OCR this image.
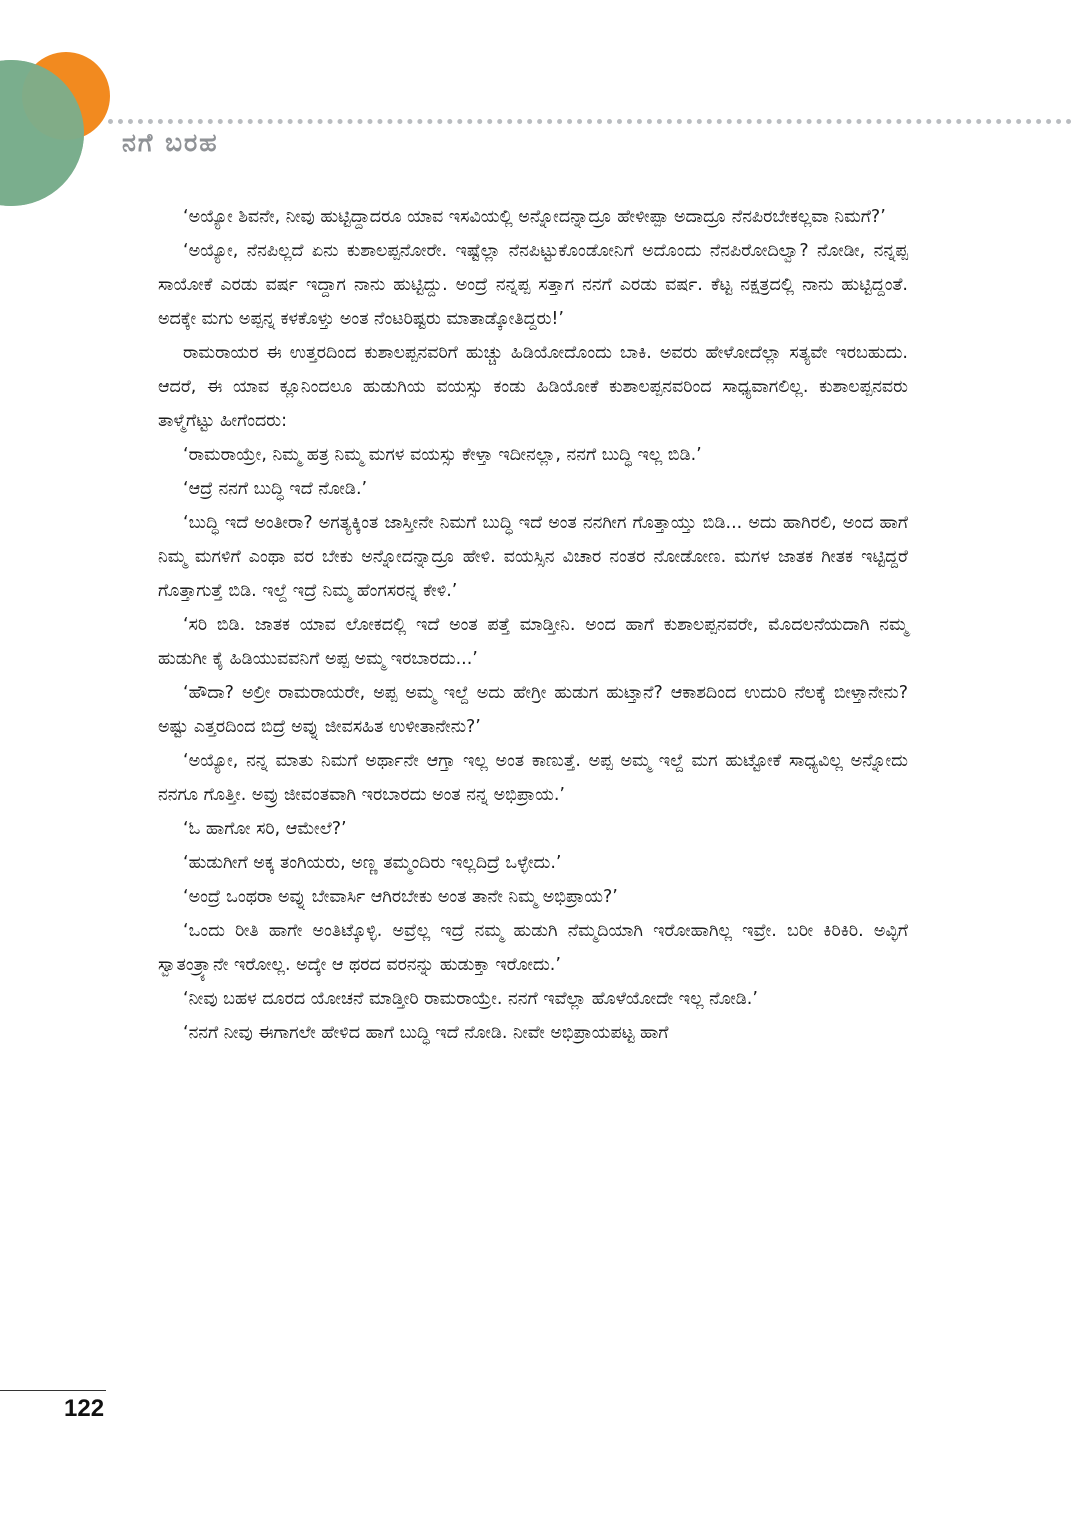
ನಗೆ ಬರಹ

‘ಅಯ್ಯೋ ಶಿವನೇ, ನೀವು ಹುಟ್ಟಿದ್ದಾದರೂ ಯಾವ ಇಸವಿಯಲ್ಲಿ ಅನ್ನೋದನ್ನಾದ್ರೂ ಹೇಳೀಪ್ಪಾ ಅದಾದ್ರೂ ನೆನಪಿರಬೇಕಲ್ಲವಾ ನಿಮಗೆ?’

‘ಅಯ್ಯೋ, ನೆನಪಿಲ್ಲದೆ ಏನು ಕುಶಾಲಪ್ಪನೋರೇ. ಇಷ್ಟೆಲ್ಲಾ ನೆನಪಿಟ್ಟುಕೊಂಡೋನಿಗೆ ಅದೊಂದು ನೆನಪಿರೋದಿಲ್ವಾ? ನೋಡೀ, ನನ್ನಪ್ಪ ಸಾಯೋಕೆ ಎರಡು ವರ್ಷ ಇದ್ದಾಗ ನಾನು ಹುಟ್ಟಿದ್ದು. ಅಂದ್ರೆ ನನ್ನಪ್ಪ ಸತ್ತಾಗ ನನಗೆ ಎರಡು ವರ್ಷ. ಕೆಟ್ಟ ನಕ್ಷತ್ರದಲ್ಲಿ ನಾನು ಹುಟ್ಟಿದ್ದಂತೆ. ಅದಕ್ಕೇ ಮಗು ಅಪ್ಪನ್ನ ಕಳಕೊಳ್ತು ಅಂತ ನೆಂಟರಿಷ್ಟರು ಮಾತಾಡ್ಕೋತಿದ್ದರು!’

ರಾಮರಾಯರ ಈ ಉತ್ತರದಿಂದ ಕುಶಾಲಪ್ಪನವರಿಗೆ ಹುಚ್ಚು ಹಿಡಿಯೋದೊಂದು ಬಾಕಿ. ಅವರು ಹೇಳೋದೆಲ್ಲಾ ಸತ್ಯವೇ ಇರಬಹುದು. ಆದರೆ, ಈ ಯಾವ ಕ್ಲೂನಿಂದಲೂ ಹುಡುಗಿಯ ವಯಸ್ಸು ಕಂಡು ಹಿಡಿಯೋಕೆ ಕುಶಾಲಪ್ಪನವರಿಂದ ಸಾಧ್ಯವಾಗಲಿಲ್ಲ. ಕುಶಾಲಪ್ಪನವರು ತಾಳ್ಮೆಗೆಟ್ಟು ಹೀಗೆಂದರು:

‘ರಾಮರಾಯ್ರೇ, ನಿಮ್ಮ ಹತ್ರ ನಿಮ್ಮ ಮಗಳ ವಯಸ್ಸು ಕೇಳ್ತಾ ಇದೀನಲ್ಲಾ, ನನಗೆ ಬುದ್ಧಿ ಇಲ್ಲ ಬಿಡಿ.’

‘ಆದ್ರೆ ನನಗೆ ಬುದ್ಧಿ ಇದೆ ನೋಡಿ.’

‘ಬುದ್ಧಿ ಇದೆ ಅಂತೀರಾ? ಅಗತ್ಯಕ್ಕಿಂತ ಜಾಸ್ತೀನೇ ನಿಮಗೆ ಬುದ್ಧಿ ಇದೆ ಅಂತ ನನಗೀಗ ಗೊತ್ತಾಯ್ತು ಬಿಡಿ... ಅದು ಹಾಗಿರಲಿ, ಅಂದ ಹಾಗೆ ನಿಮ್ಮ ಮಗಳಿಗೆ ಎಂಥಾ ವರ ಬೇಕು ಅನ್ನೋದನ್ನಾದ್ರೂ ಹೇಳಿ. ವಯಸ್ಸಿನ ವಿಚಾರ ನಂತರ ನೋಡೋಣ. ಮಗಳ ಜಾತಕ ಗೀತಕ ಇಟ್ಟಿದ್ದರೆ ಗೊತ್ತಾಗುತ್ತೆ ಬಿಡಿ. ಇಲ್ದೆ ಇದ್ರೆ ನಿಮ್ಮ ಹೆಂಗಸರನ್ನ ಕೇಳಿ.’

‘ಸರಿ ಬಿಡಿ. ಜಾತಕ ಯಾವ ಲೋಕದಲ್ಲಿ ಇದೆ ಅಂತ ಪತ್ತೆ ಮಾಡ್ತೀನಿ. ಅಂದ ಹಾಗೆ ಕುಶಾಲಪ್ಪನವರೇ, ಮೊದಲನೆಯದಾಗಿ ನಮ್ಮ ಹುಡುಗೀ ಕೈ ಹಿಡಿಯುವವನಿಗೆ ಅಪ್ಪ ಅಮ್ಮ ಇರಬಾರದು...’

‘ಹೌದಾ? ಅಲ್ರೀ ರಾಮರಾಯರೇ, ಅಪ್ಪ ಅಮ್ಮ ಇಲ್ದೆ ಅದು ಹೇಗ್ರೀ ಹುಡುಗ ಹುಟ್ತಾನೆ? ಆಕಾಶದಿಂದ ಉದುರಿ ನೆಲಕ್ಕೆ ಬೀಳ್ತಾನೇನು? ಅಷ್ಟು ಎತ್ತರದಿಂದ ಬಿದ್ರೆ ಅವ್ನು ಜೀವಸಹಿತ ಉಳೀತಾನೇನು?’

‘ಅಯ್ಯೋ, ನನ್ನ ಮಾತು ನಿಮಗೆ ಅರ್ಥಾನೇ ಆಗ್ತಾ ಇಲ್ಲ ಅಂತ ಕಾಣುತ್ತೆ. ಅಪ್ಪ ಅಮ್ಮ ಇಲ್ದೆ ಮಗ ಹುಟ್ಟೋಕೆ ಸಾಧ್ಯವಿಲ್ಲ ಅನ್ನೋದು ನನಗೂ ಗೊತ್ತೀ. ಅವ್ರು ಜೀವಂತವಾಗಿ ಇರಬಾರದು ಅಂತ ನನ್ನ ಅಭಿಪ್ರಾಯ.’

‘ಓ ಹಾಗೋ ಸರಿ, ಆಮೇಲೆ?’

‘ಹುಡುಗೀಗೆ ಅಕ್ಕ ತಂಗಿಯರು, ಅಣ್ಣ ತಮ್ಮಂದಿರು ಇಲ್ಲದಿದ್ರೆ ಒಳ್ಳೇದು.’

‘ಅಂದ್ರೆ ಒಂಥರಾ ಅವ್ನು ಬೇವಾರ್ಸಿ ಆಗಿರಬೇಕು ಅಂತ ತಾನೇ ನಿಮ್ಮ ಅಭಿಪ್ರಾಯ?’

‘ಒಂದು ರೀತಿ ಹಾಗೇ ಅಂತಿಟ್ಕೊಳ್ಳಿ. ಅವ್ರೆಲ್ಲ ಇದ್ರೆ ನಮ್ಮ ಹುಡುಗಿ ನೆಮ್ಮದಿಯಾಗಿ ಇರೋಹಾಗಿಲ್ಲ ಇವ್ರೇ. ಬರೀ ಕಿರಿಕಿರಿ. ಅವ್ಳಿಗೆ ಸ್ವಾತಂತ್ರ್ಯಾನೇ ಇರೋಲ್ಲ. ಅದ್ಕೇ ಆ ಥರದ ವರನನ್ನು ಹುಡುಕ್ತಾ ಇರೋದು.’

‘ನೀವು ಬಹಳ ದೂರದ ಯೋಚನೆ ಮಾಡ್ತೀರಿ ರಾಮರಾಯ್ರೇ. ನನಗೆ ಇವೆಲ್ಲಾ ಹೊಳೆಯೋದೇ ಇಲ್ಲ ನೋಡಿ.’

‘ನನಗೆ ನೀವು ಈಗಾಗಲೇ ಹೇಳಿದ ಹಾಗೆ ಬುದ್ಧಿ ಇದೆ ನೋಡಿ. ನೀವೇ ಅಭಿಪ್ರಾಯಪಟ್ಟ ಹಾಗೆ

122
